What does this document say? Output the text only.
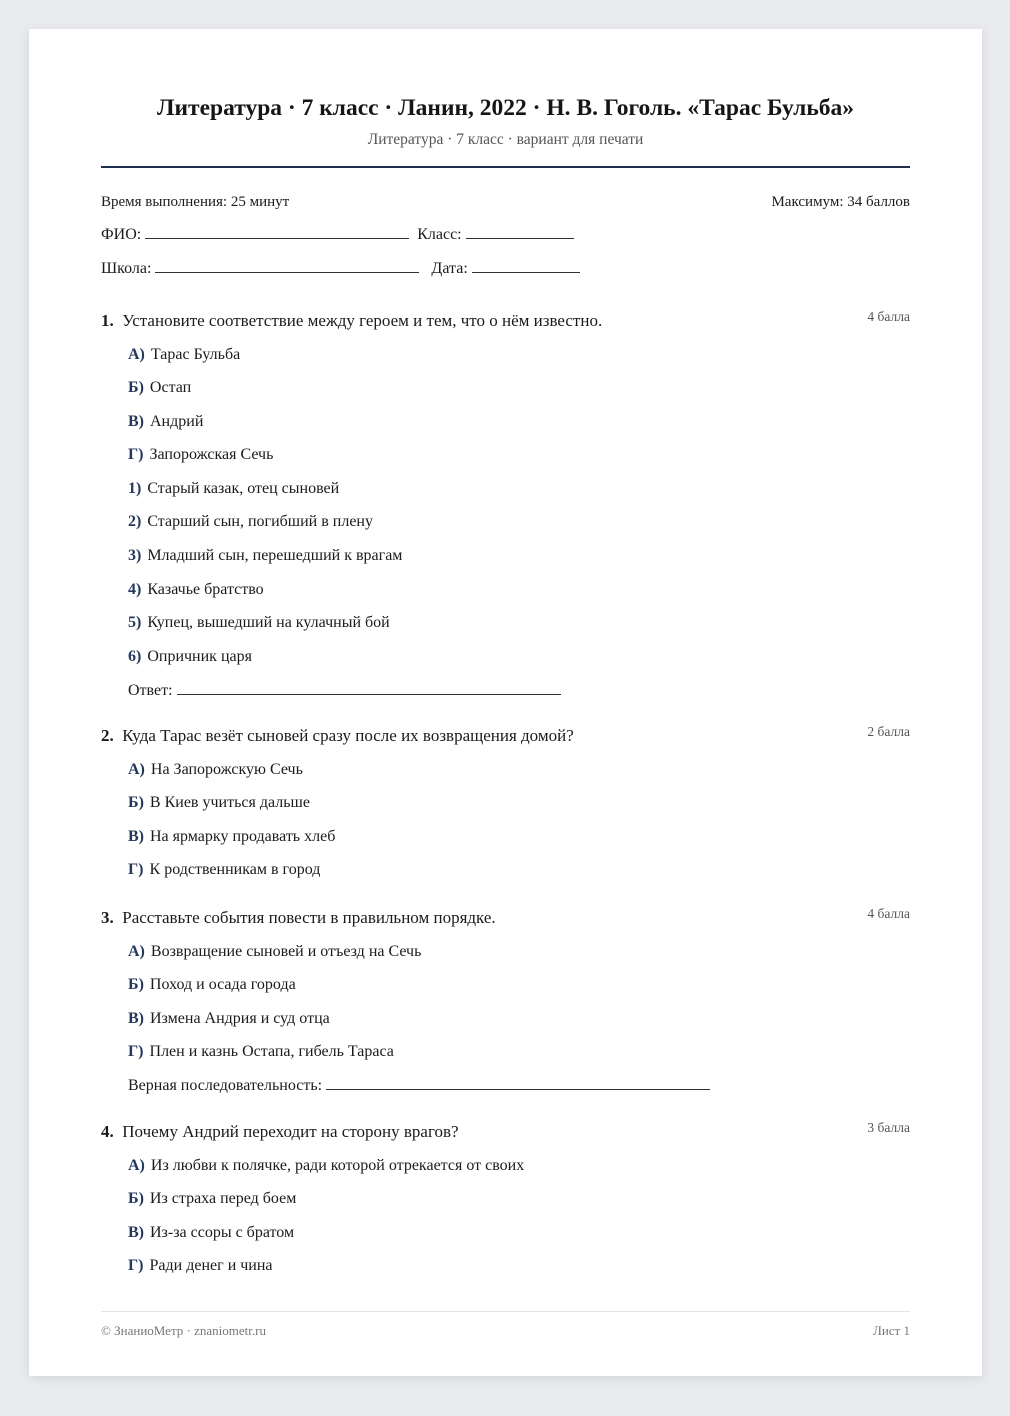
Литература · 7 класс · Ланин, 2022 · Н. В. Гоголь. «Тарас Бульба»
Литература · 7 класс · вариант для печати
Время выполнения: 25 минут	Максимум: 34 баллов
ФИО:	Класс:
Школа:	Дата:
1. Установите соответствие между героем и тем, что о нём известно.	4 балла
А) Тарас Бульба
Б) Остап
В) Андрий
Г) Запорожская Сечь
1) Старый казак, отец сыновей
2) Старший сын, погибший в плену
3) Младший сын, перешедший к врагам
4) Казачье братство
5) Купец, вышедший на кулачный бой
6) Опричник царя
Ответ:
2. Куда Тарас везёт сыновей сразу после их возвращения домой?	2 балла
А) На Запорожскую Сечь
Б) В Киев учиться дальше
В) На ярмарку продавать хлеб
Г) К родственникам в город
3. Расставьте события повести в правильном порядке.	4 балла
А) Возвращение сыновей и отъезд на Сечь
Б) Поход и осада города
В) Измена Андрия и суд отца
Г) Плен и казнь Остапа, гибель Тараса
Верная последовательность:
4. Почему Андрий переходит на сторону врагов?	3 балла
А) Из любви к полячке, ради которой отрекается от своих
Б) Из страха перед боем
В) Из-за ссоры с братом
Г) Ради денег и чина
© ЗнаниоМетр · znaniometr.ru	Лист 1
